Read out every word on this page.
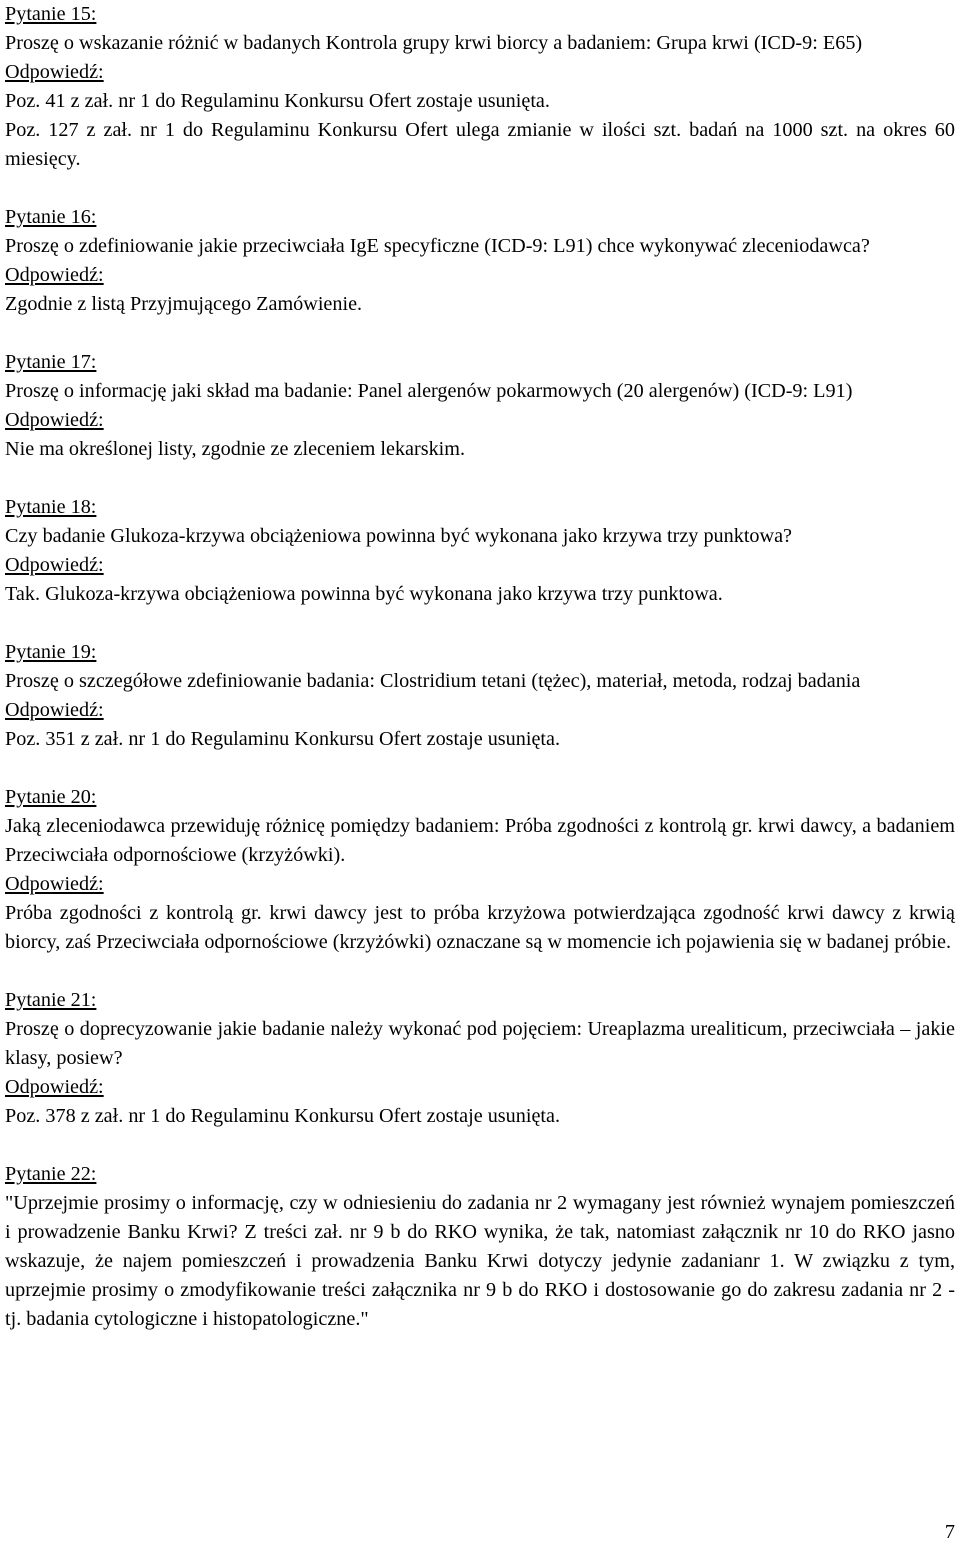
Pytanie 15:
Proszę o wskazanie różnić w badanych Kontrola grupy krwi biorcy a badaniem: Grupa krwi (ICD-9: E65)
Odpowiedź:
Poz. 41 z zał. nr 1 do Regulaminu Konkursu Ofert zostaje usunięta.
Poz. 127 z zał. nr 1 do Regulaminu Konkursu Ofert ulega zmianie w ilości szt. badań na 1000 szt. na okres 60 miesięcy.
Pytanie 16:
Proszę o zdefiniowanie jakie przeciwciała IgE specyficzne (ICD-9: L91) chce wykonywać zleceniodawca?
Odpowiedź:
Zgodnie z listą Przyjmującego Zamówienie.
Pytanie 17:
Proszę o informację jaki skład ma badanie: Panel alergenów pokarmowych (20 alergenów) (ICD-9: L91)
Odpowiedź:
Nie ma określonej listy, zgodnie ze zleceniem lekarskim.
Pytanie 18:
Czy badanie Glukoza-krzywa obciążeniowa powinna być wykonana jako krzywa trzy punktowa?
Odpowiedź:
Tak. Glukoza-krzywa obciążeniowa powinna być wykonana jako krzywa trzy punktowa.
Pytanie 19:
Proszę o szczegółowe zdefiniowanie badania: Clostridium tetani (tężec), materiał, metoda, rodzaj badania
Odpowiedź:
Poz. 351 z zał. nr 1 do Regulaminu Konkursu Ofert zostaje usunięta.
Pytanie 20:
Jaką zleceniodawca przewiduję różnicę pomiędzy badaniem: Próba zgodności z kontrolą gr. krwi dawcy, a badaniem Przeciwciała odpornościowe (krzyżówki).
Odpowiedź:
Próba zgodności z kontrolą gr. krwi dawcy jest to próba krzyżowa potwierdzająca zgodność krwi dawcy z krwią biorcy, zaś Przeciwciała odpornościowe (krzyżówki) oznaczane są w momencie ich pojawienia się w badanej próbie.
Pytanie 21:
Proszę o doprecyzowanie jakie badanie należy wykonać pod pojęciem: Ureaplazma urealiticum, przeciwciała – jakie klasy, posiew?
Odpowiedź:
Poz. 378 z zał. nr 1 do Regulaminu Konkursu Ofert zostaje usunięta.
Pytanie 22:
"Uprzejmie prosimy o informację, czy w odniesieniu do zadania nr 2 wymagany jest również wynajem pomieszczeń i prowadzenie Banku Krwi? Z treści zał. nr 9 b do RKO wynika, że tak, natomiast załącznik nr 10 do RKO jasno wskazuje, że najem pomieszczeń i prowadzenia Banku Krwi dotyczy jedynie zadanianr 1. W związku z tym, uprzejmie prosimy o zmodyfikowanie treści załącznika nr 9 b do RKO i dostosowanie go do zakresu zadania nr 2 - tj. badania cytologiczne i histopatologiczne."
7
